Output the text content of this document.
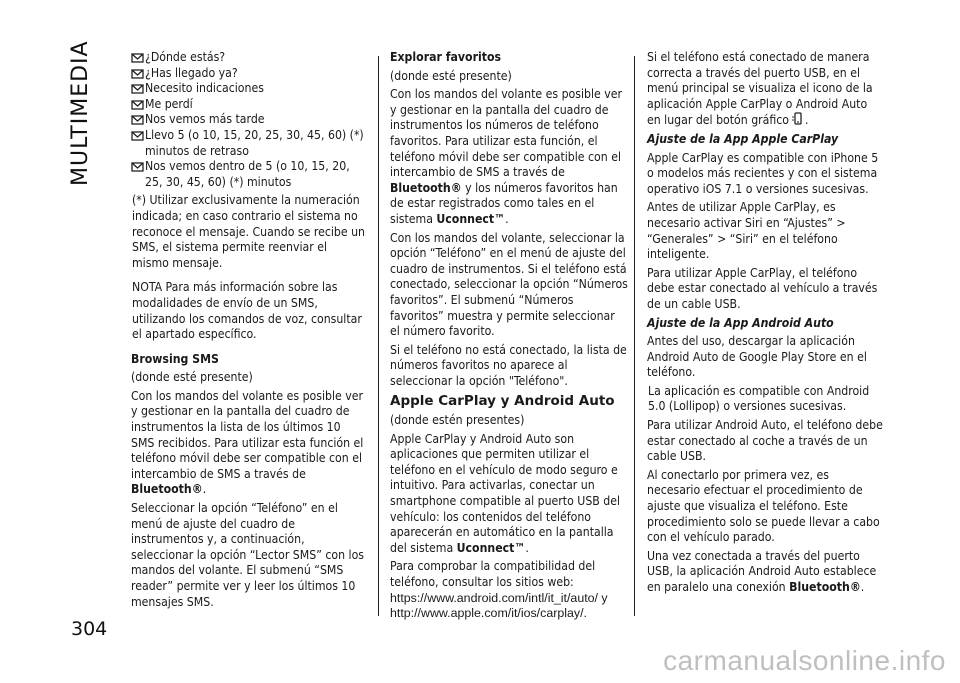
MULTIMEDIA
304
¿Dónde estás?
¿Has llegado ya?
Necesito indicaciones
Me perdí
Nos vemos más tarde
Llevo 5 (o 10, 15, 20, 25, 30, 45, 60) (*) minutos de retraso
Nos vemos dentro de 5 (o 10, 15, 20, 25, 30, 45, 60) (*) minutos

(*) Utilizar exclusivamente la numeración indicada; en caso contrario el sistema no reconoce el mensaje. Cuando se recibe un SMS, el sistema permite reenviar el mismo mensaje.

NOTA Para más información sobre las modalidades de envío de un SMS, utilizando los comandos de voz, consultar el apartado específico.

Browsing SMS

(donde esté presente)

Con los mandos del volante es posible ver y gestionar en la pantalla del cuadro de instrumentos la lista de los últimos 10 SMS recibidos. Para utilizar esta función el teléfono móvil debe ser compatible con el intercambio de SMS a través de Bluetooth®.

Seleccionar la opción “Teléfono” en el menú de ajuste del cuadro de instrumentos y, a continuación, seleccionar la opción “Lector SMS” con los mandos del volante. El submenú “SMS reader” permite ver y leer los últimos 10 mensajes SMS.

Explorar favoritos

(donde esté presente)

Con los mandos del volante es posible ver y gestionar en la pantalla del cuadro de instrumentos los números de teléfono favoritos. Para utilizar esta función, el teléfono móvil debe ser compatible con el intercambio de SMS a través de Bluetooth® y los números favoritos han de estar registrados como tales en el sistema Uconnect™.

Con los mandos del volante, seleccionar la opción “Teléfono” en el menú de ajuste del cuadro de instrumentos. Si el teléfono está conectado, seleccionar la opción “Números favoritos”. El submenú “Números favoritos” muestra y permite seleccionar el número favorito.

Si el teléfono no está conectado, la lista de números favoritos no aparece al seleccionar la opción "Teléfono".

Apple CarPlay y Android Auto

(donde estén presentes)

Apple CarPlay y Android Auto son aplicaciones que permiten utilizar el teléfono en el vehículo de modo seguro e intuitivo. Para activarlas, conectar un smartphone compatible al puerto USB del vehículo: los contenidos del teléfono aparecerán en automático en la pantalla del sistema Uconnect™.

Para comprobar la compatibilidad del teléfono, consultar los sitios web:

https://www.android.com/intl/it_it/auto/ y
http://www.apple.com/it/ios/carplay/.

Si el teléfono está conectado de manera correcta a través del puerto USB, en el menú principal se visualiza el icono de la aplicación Apple CarPlay o Android Auto en lugar del botón gráfico .

Ajuste de la App Apple CarPlay

Apple CarPlay es compatible con iPhone 5 o modelos más recientes y con el sistema operativo iOS 7.1 o versiones sucesivas.

Antes de utilizar Apple CarPlay, es necesario activar Siri en “Ajustes” > “Generales” > “Siri” en el teléfono inteligente.

Para utilizar Apple CarPlay, el teléfono debe estar conectado al vehículo a través de un cable USB.

Ajuste de la App Android Auto

Antes del uso, descargar la aplicación Android Auto de Google Play Store en el teléfono.

La aplicación es compatible con Android 5.0 (Lollipop) o versiones sucesivas.

Para utilizar Android Auto, el teléfono debe estar conectado al coche a través de un cable USB.

Al conectarlo por primera vez, es necesario efectuar el procedimiento de ajuste que visualiza el teléfono. Este procedimiento solo se puede llevar a cabo con el vehículo parado.

Una vez conectada a través del puerto USB, la aplicación Android Auto establece en paralelo una conexión Bluetooth®.

carmanualsonline.info
